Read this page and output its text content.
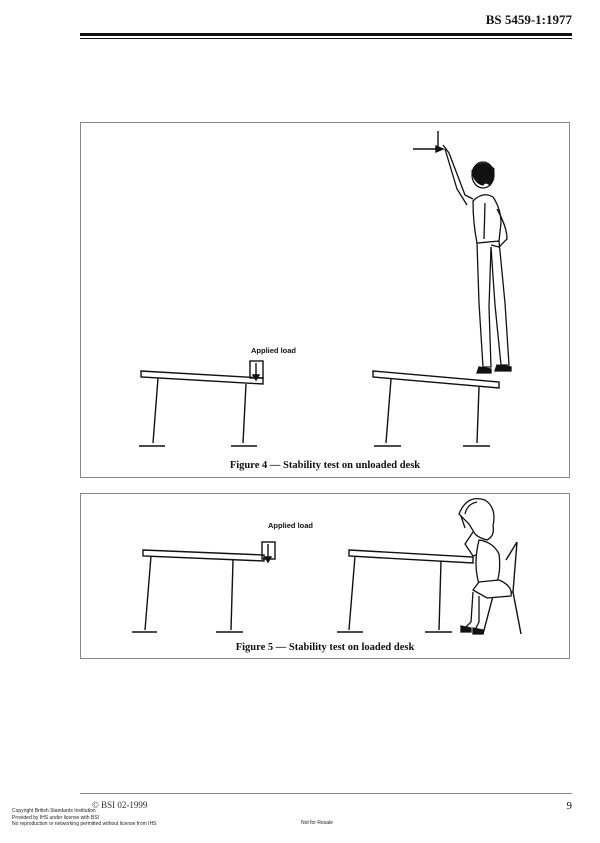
BS 5459-1:1977
Applied load
Figure 4 — Stability test on unloaded desk
Applied load
Figure 5 — Stability test on loaded desk
© BSI 02-1999	9
Copyright British Standards Institution
Provided by IHS under license with BSI
No reproduction or networking permitted without license from IHS	Not for Resale
